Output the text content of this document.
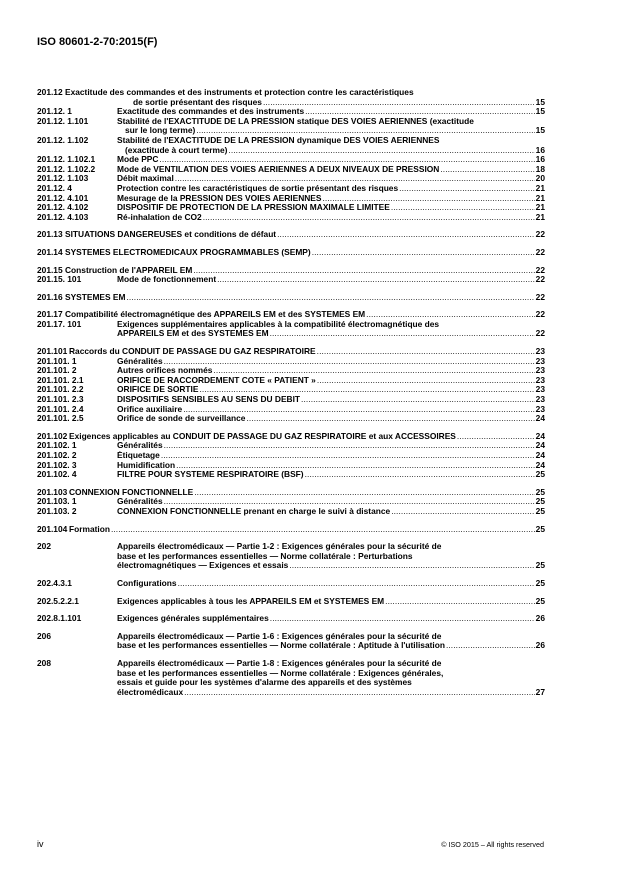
ISO 80601-2-70:2015(F)
201.12 Exactitude des commandes et des instruments et protection contre les caractéristiques
de sortie présentant des risques .....	15
201.12. 1	Exactitude des commandes et des instruments .....	15
201.12. 1.101	Stabilité de l'EXACTITUDE DE LA PRESSION statique DES VOIES AERIENNES (exactitude
sur le long terme) .....	15
201.12. 1.102	Stabilité de l'EXACTITUDE DE LA PRESSION dynamique DES VOIES AERIENNES
(exactitude à court terme) .....	16
201.12. 1.102.1	Mode PPC .....	16
201.12. 1.102.2	Mode de VENTILATION DES VOIES AERIENNES A DEUX NIVEAUX DE PRESSION .....	18
201.12. 1.103	Débit maximal .....	20
201.12. 4	Protection contre les caractéristiques de sortie présentant des risques .....	21
201.12. 4.101	Mesurage de la PRESSION DES VOIES AERIENNES .....	21
201.12. 4.102	DISPOSITIF DE PROTECTION DE LA PRESSION MAXIMALE LIMITEE .....	21
201.12. 4.103	Ré-inhalation de CO2 .....	21
201.13 SITUATIONS DANGEREUSES et conditions de défaut .....	22
201.14 SYSTEMES ELECTROMEDICAUX PROGRAMMABLES (SEMP) .....	22
201.15 Construction de l'APPAREIL EM .....	22
201.15. 101	Mode de fonctionnement .....	22
201.16 SYSTEMES EM .....	22
201.17 Compatibilité électromagnétique des APPAREILS EM et des SYSTEMES EM .....	22
201.17. 101	Exigences supplémentaires applicables à la compatibilité électromagnétique des
APPAREILS EM et des SYSTEMES EM .....	22
201.101 Raccords du CONDUIT DE PASSAGE DU GAZ RESPIRATOIRE .....	23
201.101. 1	Généralités .....	23
201.101. 2	Autres orifices nommés .....	23
201.101. 2.1	ORIFICE DE RACCORDEMENT COTE « PATIENT » .....	23
201.101. 2.2	ORIFICE DE SORTIE .....	23
201.101. 2.3	DISPOSITIFS SENSIBLES AU SENS DU DEBIT .....	23
201.101. 2.4	Orifice auxiliaire .....	23
201.101. 2.5	Orifice de sonde de surveillance .....	24
201.102 Exigences applicables au CONDUIT DE PASSAGE DU GAZ RESPIRATOIRE et aux ACCESSOIRES .....	24
201.102. 1	Généralités .....	24
201.102. 2	Étiquetage .....	24
201.102. 3	Humidification .....	24
201.102. 4	FILTRE POUR SYSTEME RESPIRATOIRE (BSF) .....	25
201.103 CONNEXION FONCTIONNELLE .....	25
201.103. 1	Généralités .....	25
201.103. 2	CONNEXION FONCTIONNELLE prenant en charge le suivi à distance .....	25
201.104 Formation .....	25
202	Appareils électromédicaux — Partie 1-2 : Exigences générales pour la sécurité de
base et les performances essentielles — Norme collatérale : Perturbations
électromagnétiques — Exigences et essais .....	25
202.4.3.1	Configurations .....	25
202.5.2.2.1	Exigences applicables à tous les APPAREILS EM et SYSTEMES EM .....	25
202.8.1.101	Exigences générales supplémentaires .....	26
206	Appareils électromédicaux — Partie 1-6 : Exigences générales pour la sécurité de
base et les performances essentielles — Norme collatérale : Aptitude à l'utilisation .....	26
208	Appareils électromédicaux — Partie 1-8 : Exigences générales pour la sécurité de
base et les performances essentielles — Norme collatérale : Exigences générales,
essais et guide pour les systèmes d'alarme des appareils et des systèmes
électromédicaux .....	27
iv	© ISO 2015 – All rights reserved
